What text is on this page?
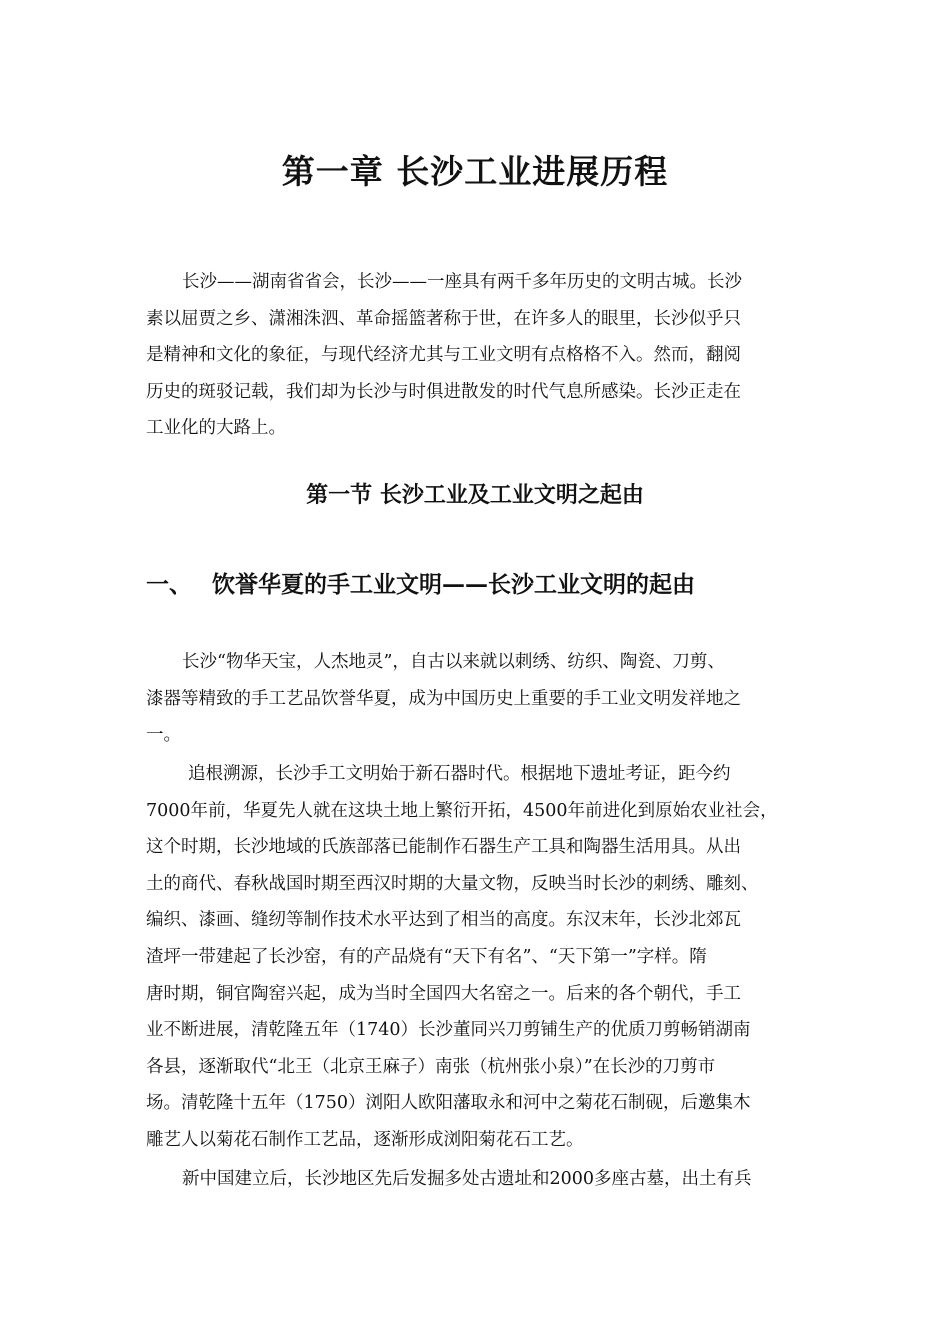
第一章 长沙工业进展历程
长沙——湖南省省会，长沙——一座具有两千多年历史的文明古城。长沙
素以屈贾之乡、潇湘洙泗、革命摇篮著称于世，在许多人的眼里，长沙似乎只
是精神和文化的象征，与现代经济尤其与工业文明有点格格不入。然而，翻阅
历史的斑驳记载，我们却为长沙与时俱进散发的时代气息所感染。长沙正走在
工业化的大路上。
第一节 长沙工业及工业文明之起由
一、 饮誉华夏的手工业文明——长沙工业文明的起由
长沙“物华天宝，人杰地灵”，自古以来就以刺绣、纺织、陶瓷、刀剪、
漆器等精致的手工艺品饮誉华夏，成为中国历史上重要的手工业文明发祥地之
一。
追根溯源，长沙手工文明始于新石器时代。根据地下遗址考证，距今约
7000年前，华夏先人就在这块土地上繁衍开拓，4500年前进化到原始农业社会，
这个时期，长沙地域的氏族部落已能制作石器生产工具和陶器生活用具。从出
土的商代、春秋战国时期至西汉时期的大量文物，反映当时长沙的刺绣、雕刻、
编织、漆画、缝纫等制作技术水平达到了相当的高度。东汉末年，长沙北郊瓦
渣坪一带建起了长沙窑，有的产品烧有“天下有名”、“天下第一”字样。隋
唐时期，铜官陶窑兴起，成为当时全国四大名窑之一。后来的各个朝代，手工
业不断进展，清乾隆五年（1740）长沙董同兴刀剪铺生产的优质刀剪畅销湖南
各县，逐渐取代“北王（北京王麻子）南张（杭州张小泉）”在长沙的刀剪市
场。清乾隆十五年（1750）浏阳人欧阳藩取永和河中之菊花石制砚，后邀集木
雕艺人以菊花石制作工艺品，逐渐形成浏阳菊花石工艺。
新中国建立后，长沙地区先后发掘多处古遗址和2000多座古墓，出土有兵
